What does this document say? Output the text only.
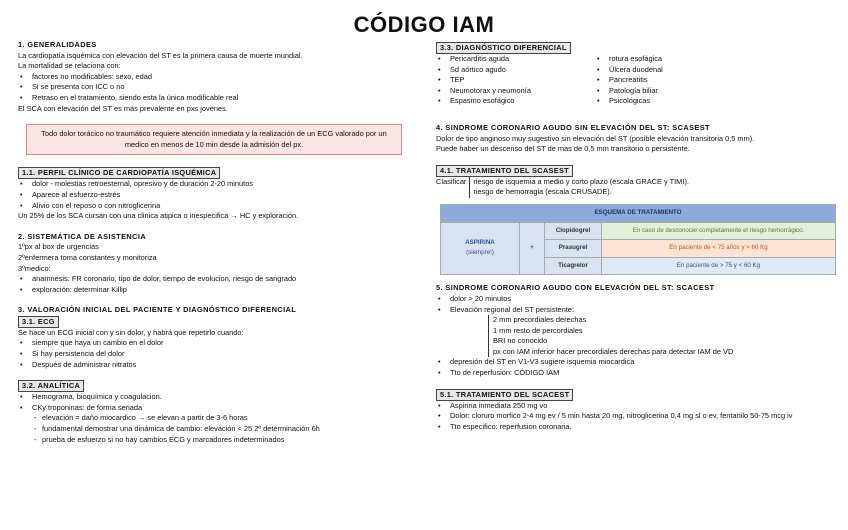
CÓDIGO IAM
1. GENERALIDADES
La cardiopatía isquémica con elevación del ST es la primera causa de muerte mundial.
La mortalidad se relaciona con:
• factores no modificables: sexo, edad
• Si se presenta con ICC o no
• Retraso en el tratamiento, siendo esta la única modificable real
El SCA con elevación del ST es más prevalente en pxs jovenes.
Todo dolor torácico no traumático requiere atención inmediata y la realización de un ECG valorado por un medico en menos de 10 min desde la admisión del px.
1.1. PERFIL CLÍNICO DE CARDIOPATÍA ISQUÉMICA
• dolor - molestias retroesternal, opresivo y de duración 2-20 minutos
• Aparece al esfuerzo-estrés
• Alivio con el reposo o con nitroglicerina
Un 25% de los SCA cursan con una clinica atipica o inespecifica → HC y exploración.
2. SISTEMÁTICA DE ASISTENCIA
1ºpx al box de urgencias
2ºenfermera toma constantes y monitoriza
3ºmedico:
• anamnesis: FR coronario, tipo de dolor, tiempo de evolucion, riesgo de sangrado
• exploración: determinar Killip
3. VALORACIÓN INICIAL DEL PACIENTE Y DIAGNÓSTICO DIFERENCIAL
3.1. ECG
Se hace un ECG inicial con y sin dolor, y habrá que repetirlo cuando:
• siempre que haya un cambio en el dolor
• Si hay persistencia del dolor
• Después de administrar nitratos
3.2. ANALÍTICA
• Hemograma, bioquímica y coagulacion.
• CKy troponinas: de forma seriada
- elevación = daño miocardico → se elevan a partir de 3-6 horas
- fundamental demostrar una dinámica de cambio: elevación < 25 2ª determinación 6h
- prueba de esfuerzo si no hay cambios ECG y marcadores indeterminados
3.3. DIAGNÓSTICO DIFERENCIAL
• Pericarditis aguda
• Sd aórtico agudo
• TEP
• Neumotorax y neumonía
• Espasmo esofágico
• rotura esofágica
• Úlcera duodenal
• Pancreatitis
• Patología biliar
• Psicológicas
4. SINDROME CORONARIO AGUDO SIN ELEVACIÓN DEL ST: SCASEST
Dolor de tipo anginoso muy sugestivo sin elevación del ST (posible elevación transitoria 0,5 mm).
Puede haber un descenso del ST de mas de 0,5 mm transitorio o persistente.
4.1. TRATAMIENTO DEL SCASEST
Clasificar riesgo de isquemia a medio y corto plazo (escala GRACE y TIMI).
riesgo de hemorragia (escala CRUSADE).
ESQUEMA DE TRATAMIENTO			

ASPIRINA
(siempre!)	+	Clopidogrel	En caso de desconocer completamente el riesgo hemorrágico.
		Prasugrel	En paciente de < 75 años y > 60 Kg
		Ticagrelor	En paciente de > 75 y < 60 Kg
5. SINDROME CORONARIO AGUDO CON ELEVACIÓN DEL ST: SCACEST
• dolor > 20 minutos
• Elevación regional del ST persistente:
2 mm precordiales derechas
1 mm resto de percordiales
BRI no conocido
px con IAM inferior hacer precordiales derechas para detectar IAM de VD
• depresión del ST en V1-V3 sugiere isquemia miocardica
• Tto de reperfusion: CÓDIGO IAM
5.1. TRATAMIENTO DEL SCACEST
• Aspirina inmediata 250 mg vo
• Dolor: cloruro morfico 2-4 mg ev / 5 min hasta 20 mg, nitroglicerina 0,4 mg sl o ev, fentanilo 50-75 mcg iv
• Tto especifico: reperfusion coronaria.
